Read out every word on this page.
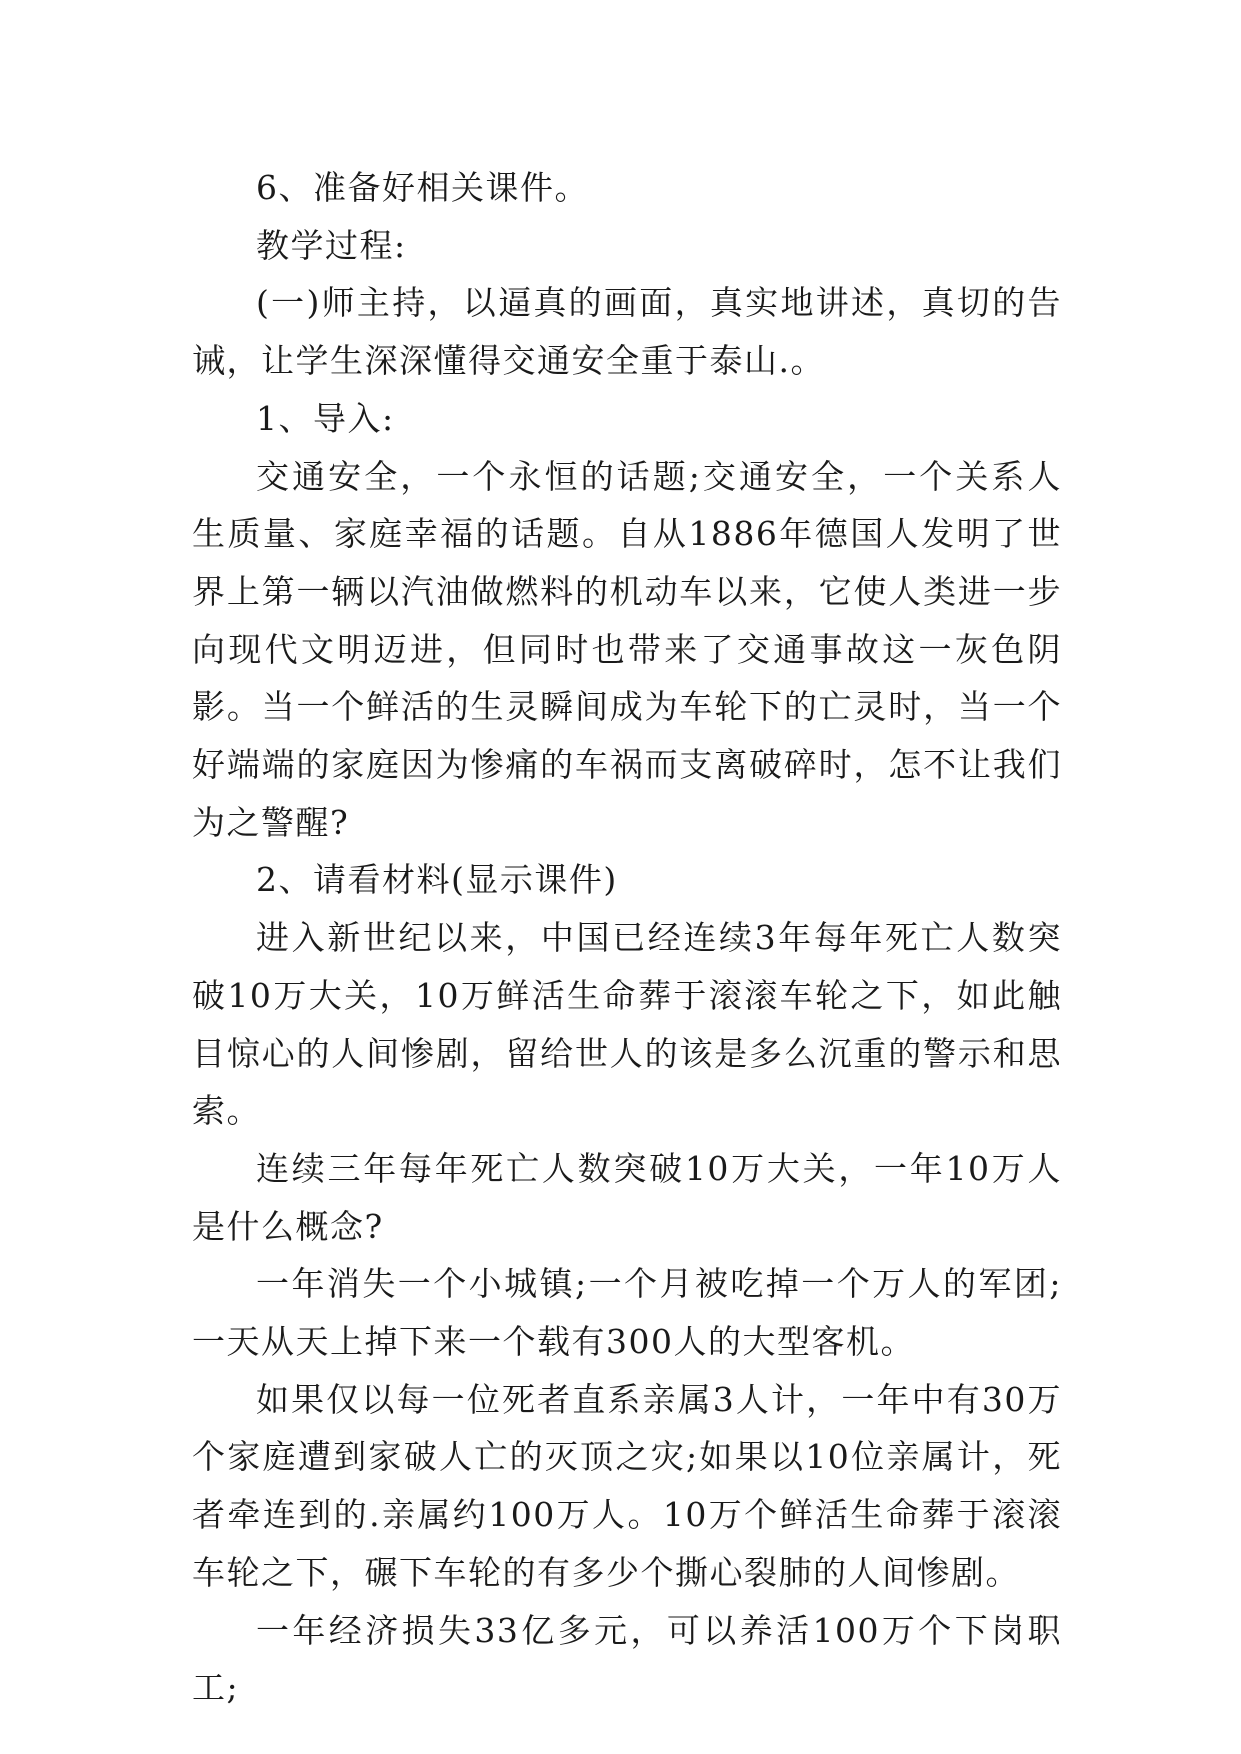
6、准备好相关课件。

教学过程:

(一)师主持，以逼真的画面，真实地讲述，真切的告诫，让学生深深懂得交通安全重于泰山.。

1、导入:

交通安全，一个永恒的话题;交通安全，一个关系人生质量、家庭幸福的话题。自从1886年德国人发明了世界上第一辆以汽油做燃料的机动车以来，它使人类进一步向现代文明迈进，但同时也带来了交通事故这一灰色阴影。当一个鲜活的生灵瞬间成为车轮下的亡灵时，当一个好端端的家庭因为惨痛的车祸而支离破碎时，怎不让我们为之警醒?

2、请看材料(显示课件)

进入新世纪以来，中国已经连续3年每年死亡人数突破10万大关，10万鲜活生命葬于滚滚车轮之下，如此触目惊心的人间惨剧，留给世人的该是多么沉重的警示和思索。

连续三年每年死亡人数突破10万大关，一年10万人是什么概念?

一年消失一个小城镇;一个月被吃掉一个万人的军团;一天从天上掉下来一个载有300人的大型客机。

如果仅以每一位死者直系亲属3人计，一年中有30万个家庭遭到家破人亡的灭顶之灾;如果以10位亲属计，死者牵连到的.亲属约100万人。10万个鲜活生命葬于滚滚车轮之下，碾下车轮的有多少个撕心裂肺的人间惨剧。

一年经济损失33亿多元，可以养活100万个下岗职工;
